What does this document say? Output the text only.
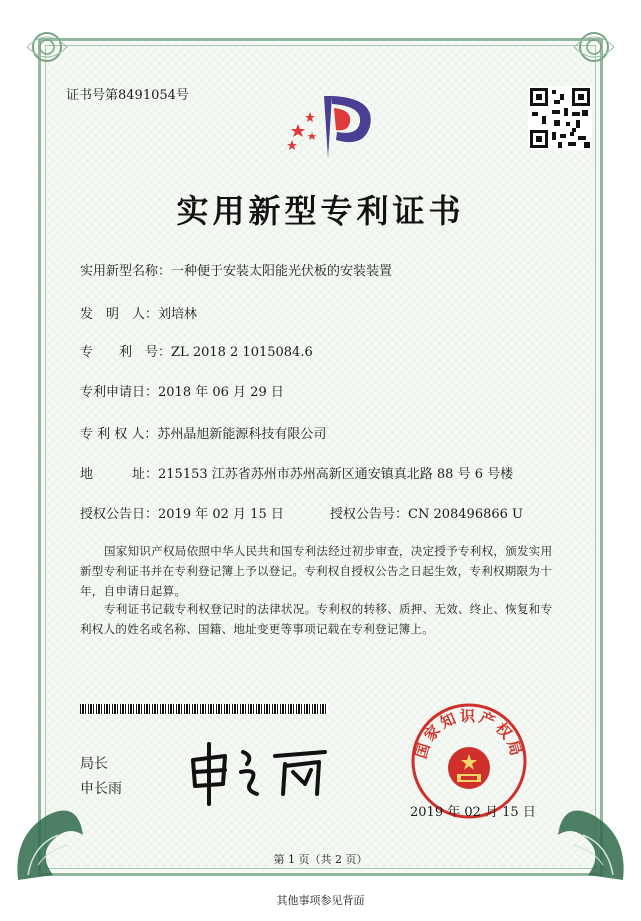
证书号第8491054号
实用新型专利证书
实用新型名称：一种便于安装太阳能光伏板的安装装置
发　明　人：刘培林
专　　利　号：ZL 2018 2 1015084.6
专利申请日：2018 年 06 月 29 日
专 利 权 人：苏州晶旭新能源科技有限公司
地　　　址：215153 江苏省苏州市苏州高新区通安镇真北路 88 号 6 号楼
授权公告日：2019 年 02 月 15 日	授权公告号：CN 208496866 U
国家知识产权局依照中华人民共和国专利法经过初步审查，决定授予专利权，颁发实用新型专利证书并在专利登记簿上予以登记。专利权自授权公告之日起生效，专利权期限为十年，自申请日起算。
专利证书记载专利权登记时的法律状况。专利权的转移、质押、无效、终止、恢复和专利权人的姓名或名称、国籍、地址变更等事项记载在专利登记簿上。
局长
申长雨
国家知识产权局
2019 年 02 月 15 日
第 1 页（共 2 页）
其他事项参见背面
